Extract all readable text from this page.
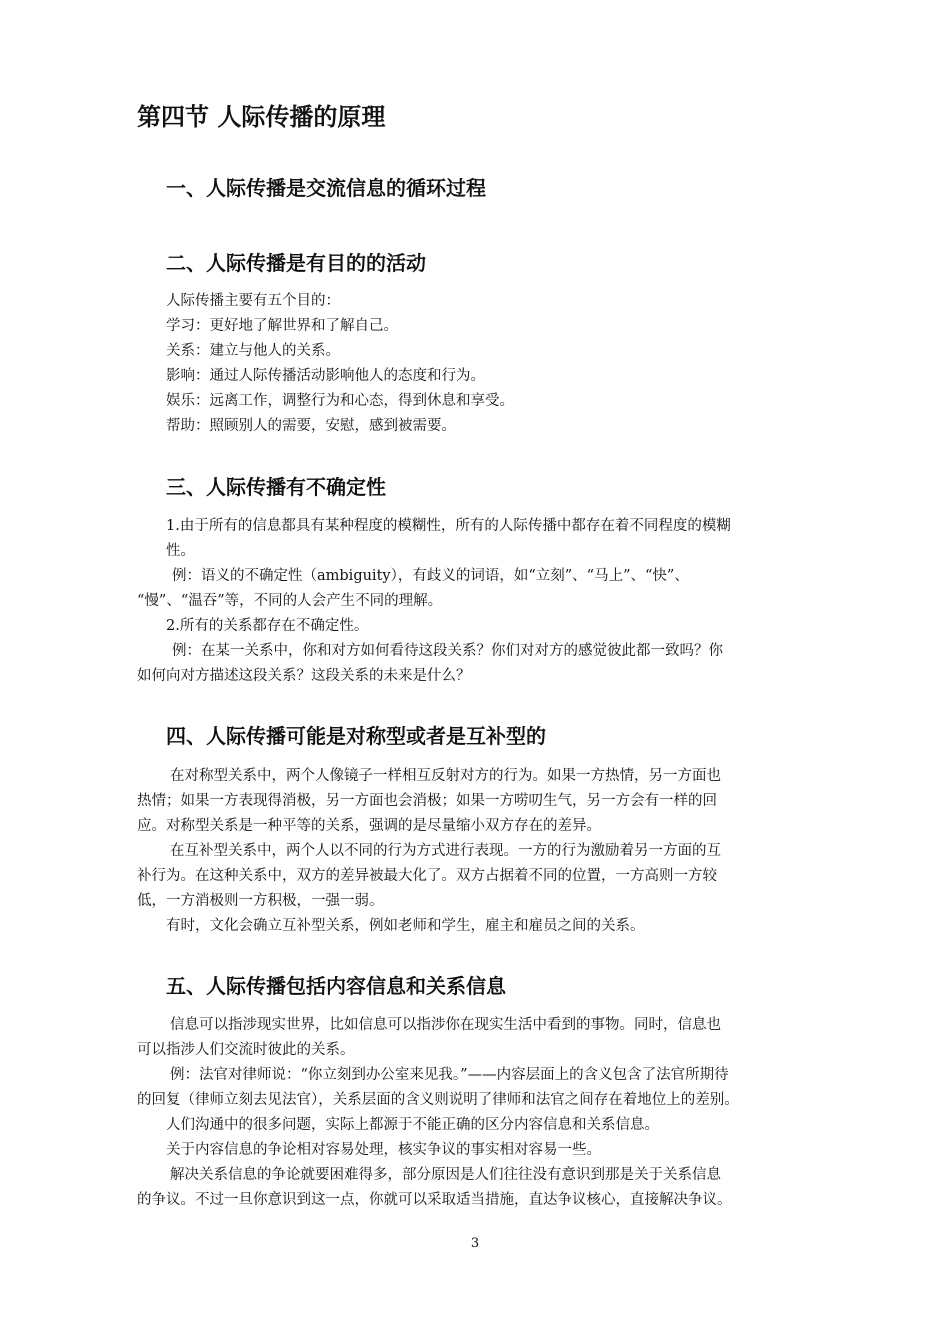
第四节 人际传播的原理
一、人际传播是交流信息的循环过程
二、人际传播是有目的的活动
人际传播主要有五个目的：
学习：更好地了解世界和了解自己。
关系：建立与他人的关系。
影响：通过人际传播活动影响他人的态度和行为。
娱乐：远离工作，调整行为和心态，得到休息和享受。
帮助：照顾别人的需要，安慰，感到被需要。
三、人际传播有不确定性
1.由于所有的信息都具有某种程度的模糊性，所有的人际传播中都存在着不同程度的模糊
性。
例：语义的不确定性（ambiguity），有歧义的词语，如“立刻”、“马上”、“快”、
“慢”、“温吞”等，不同的人会产生不同的理解。
2.所有的关系都存在不确定性。
例：在某一关系中，你和对方如何看待这段关系？你们对对方的感觉彼此都一致吗？你
如何向对方描述这段关系？这段关系的未来是什么？
四、人际传播可能是对称型或者是互补型的
在对称型关系中，两个人像镜子一样相互反射对方的行为。如果一方热情，另一方面也
热情；如果一方表现得消极，另一方面也会消极；如果一方唠叨生气，另一方会有一样的回
应。对称型关系是一种平等的关系，强调的是尽量缩小双方存在的差异。
在互补型关系中，两个人以不同的行为方式进行表现。一方的行为激励着另一方面的互
补行为。在这种关系中，双方的差异被最大化了。双方占据着不同的位置，一方高则一方较
低，一方消极则一方积极，一强一弱。
有时，文化会确立互补型关系，例如老师和学生，雇主和雇员之间的关系。
五、人际传播包括内容信息和关系信息
信息可以指涉现实世界，比如信息可以指涉你在现实生活中看到的事物。同时，信息也
可以指涉人们交流时彼此的关系。
例：法官对律师说：“你立刻到办公室来见我。”——内容层面上的含义包含了法官所期待
的回复（律师立刻去见法官），关系层面的含义则说明了律师和法官之间存在着地位上的差别。
人们沟通中的很多问题，实际上都源于不能正确的区分内容信息和关系信息。
关于内容信息的争论相对容易处理，核实争议的事实相对容易一些。
解决关系信息的争论就要困难得多，部分原因是人们往往没有意识到那是关于关系信息
的争议。不过一旦你意识到这一点，你就可以采取适当措施，直达争议核心，直接解决争议。
3
